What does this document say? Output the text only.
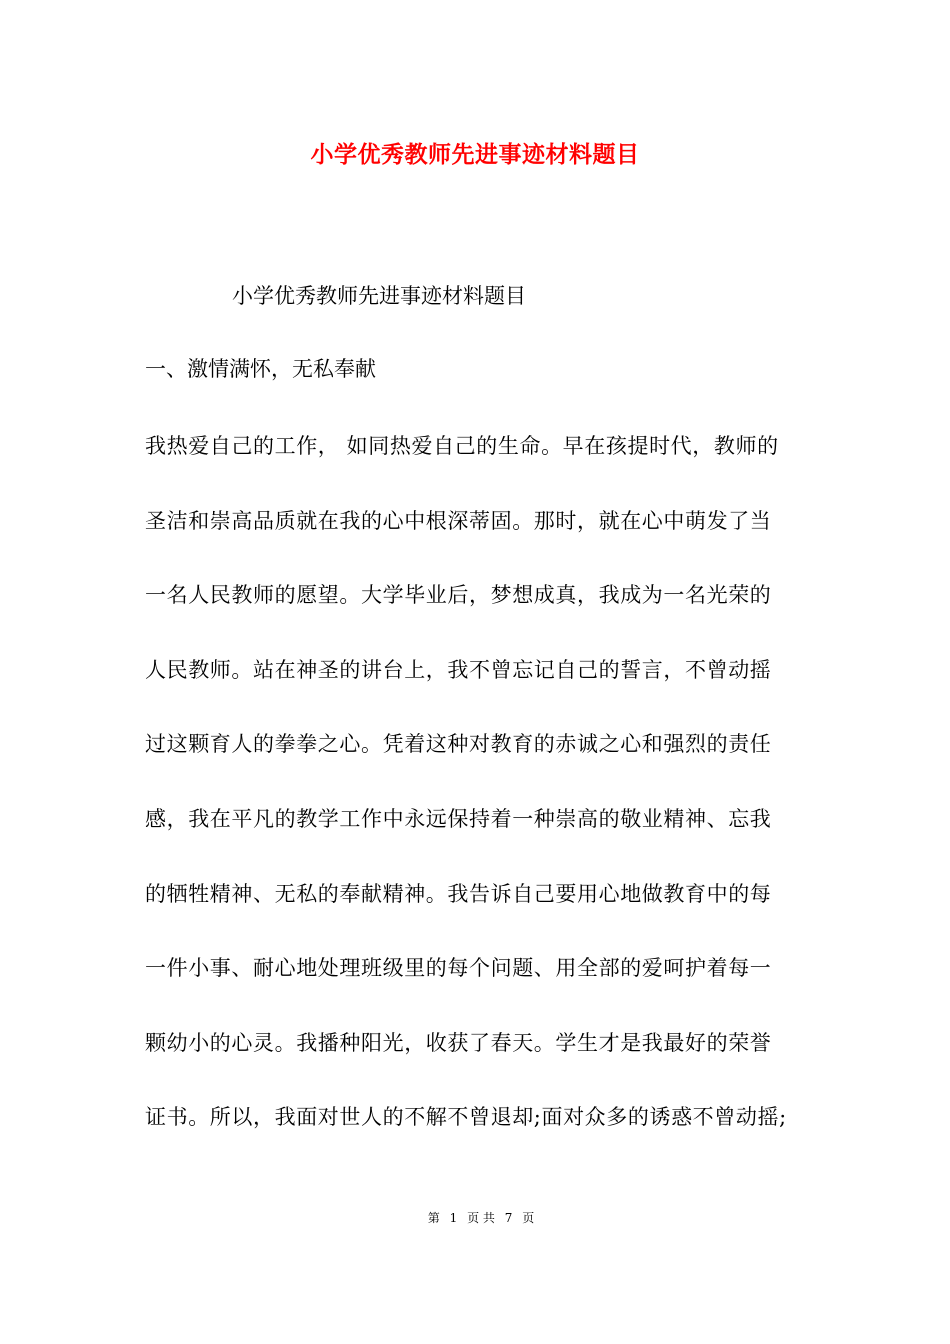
小学优秀教师先进事迹材料题目
小学优秀教师先进事迹材料题目
一、激情满怀，无私奉献
我热爱自己的工作， 如同热爱自己的生命。早在孩提时代，教师的
圣洁和崇高品质就在我的心中根深蒂固。那时，就在心中萌发了当
一名人民教师的愿望。大学毕业后，梦想成真，我成为一名光荣的
人民教师。站在神圣的讲台上，我不曾忘记自己的誓言，不曾动摇
过这颗育人的拳拳之心。凭着这种对教育的赤诚之心和强烈的责任
感，我在平凡的教学工作中永远保持着一种崇高的敬业精神、忘我
的牺牲精神、无私的奉献精神。我告诉自己要用心地做教育中的每
一件小事、耐心地处理班级里的每个问题、用全部的爱呵护着每一
颗幼小的心灵。我播种阳光，收获了春天。学生才是我最好的荣誉
证书。所以，我面对世人的不解不曾退却;面对众多的诱惑不曾动摇;
第 1 页 共 7 页
